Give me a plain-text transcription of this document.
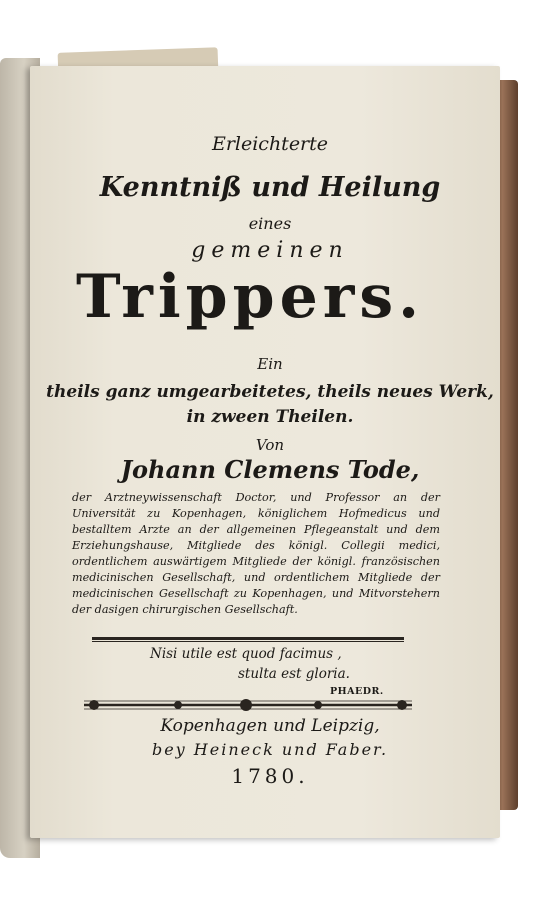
Erleichterte
Kenntniß und Heilung
eines
gemeinen
Trippers.
Ein
theils ganz umgearbeitetes, theils neues Werk,
in zween Theilen.
Von
Johann Clemens Tode,
der Arztneywissenschaft Doctor, und Professor an der Universität zu Kopenhagen, königlichem Hofmedicus und bestalltem Arzte an der allgemeinen Pflegeanstalt und dem Erziehungshause, Mitgliede des königl. Collegii medici, ordentlichem auswärtigem Mitgliede der königl. französischen medicinischen Gesellschaft, und ordentlichem Mitgliede der medicinischen Gesellschaft zu Kopenhagen, und Mitvorstehern der dasigen chirurgischen Gesellschaft.
Nisi utile est quod facimus ,
stulta est gloria.
PHAEDR.
Kopenhagen und Leipzig,
bey Heineck und Faber.
1780.
